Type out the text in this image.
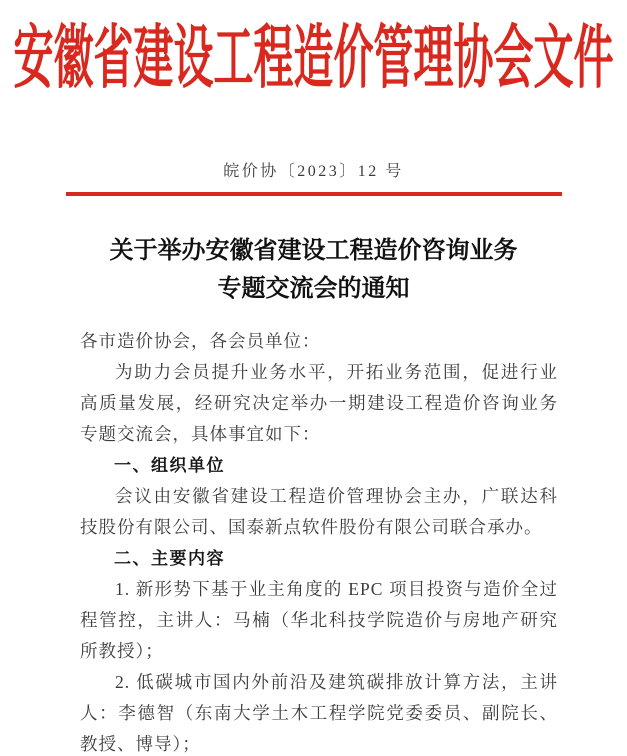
安徽省建设工程造价管理协会文件
皖价协〔2023〕12 号
关于举办安徽省建设工程造价咨询业务
专题交流会的通知

各市造价协会，各会员单位：

为助力会员提升业务水平，开拓业务范围，促进行业高质量发展，经研究决定举办一期建设工程造价咨询业务专题交流会，具体事宜如下：

一、组织单位

会议由安徽省建设工程造价管理协会主办，广联达科技股份有限公司、国泰新点软件股份有限公司联合承办。

二、主要内容

1. 新形势下基于业主角度的 EPC 项目投资与造价全过程管控，主讲人：马楠（华北科技学院造价与房地产研究所教授）；

2. 低碳城市国内外前沿及建筑碳排放计算方法，主讲人：李德智（东南大学土木工程学院党委委员、副院长、教授、博导）；
